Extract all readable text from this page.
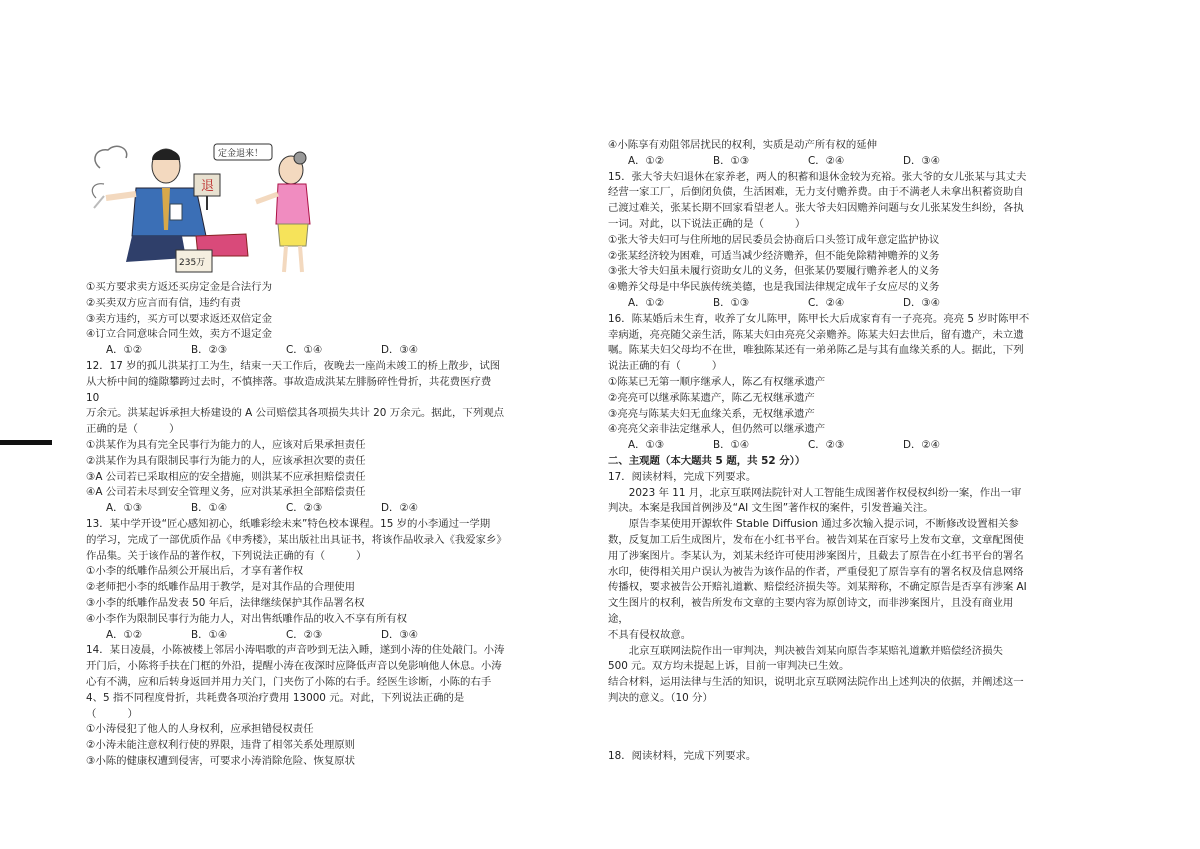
退
235万
定金退来！

①买方要求卖方返还买房定金是合法行为

②买卖双方应言而有信，违约有责

③卖方违约，买方可以要求返还双倍定金

④订立合同意味合同生效，卖方不退定金

A．①②	B．②③	C．①④	D．③④

12．17 岁的孤儿洪某打工为生，结束一天工作后，夜晚去一座尚未竣工的桥上散步，试图

从大桥中间的缝隙攀跨过去时，不慎摔落。事故造成洪某左腓肠碎性骨折，共花费医疗费 10

万余元。洪某起诉承担大桥建设的 A 公司赔偿其各项损失共计 20 万余元。据此，下列观点

正确的是（　　　）

①洪某作为具有完全民事行为能力的人，应该对后果承担责任

②洪某作为具有限制民事行为能力的人，应该承担次要的责任

③A 公司若已采取相应的安全措施，则洪某不应承担赔偿责任

④A 公司若未尽到安全管理义务，应对洪某承担全部赔偿责任

A．①③	B．①④	C．②③	D．②④

13．某中学开设“匠心感知初心，纸雕彩绘未来”特色校本课程。15 岁的小李通过一学期

的学习，完成了一部优质作品《申秀楼》，某出版社出具证书，将该作品收录入《我爱家乡》

作品集。关于该作品的著作权，下列说法正确的有（　　　）

①小李的纸雕作品须公开展出后，才享有著作权

②老师把小李的纸雕作品用于教学，是对其作品的合理使用

③小李的纸雕作品发表 50 年后，法律继续保护其作品署名权

④小李作为限制民事行为能力人，对出售纸雕作品的收入不享有所有权

A．①②	B．①④	C．②③	D．③④

14．某日凌晨，小陈被楼上邻居小涛唱歌的声音吵到无法入睡，遂到小涛的住处敲门。小涛

开门后，小陈将手扶在门框的外沿，提醒小涛在夜深时应降低声音以免影响他人休息。小涛

心有不满，应和后转身返回并用力关门，门夹伤了小陈的右手。经医生诊断，小陈的右手

4、5 指不同程度骨折，共耗费各项治疗费用 13000 元。对此，下列说法正确的是（　　　）

①小涛侵犯了他人的人身权利，应承担错侵权责任

②小涛未能注意权利行使的界限，违背了相邻关系处理原则

③小陈的健康权遭到侵害，可要求小涛消除危险、恢复原状

④小陈享有劝阻邻居扰民的权利，实质是动产所有权的延伸

A．①②	B．①③	C．②④	D．③④

15．张大爷夫妇退休在家养老，两人的积蓄和退休金较为充裕。张大爷的女儿张某与其丈夫

经营一家工厂，后倒闭负债，生活困难，无力支付赡养费。由于不满老人未拿出积蓄资助自

己渡过难关，张某长期不回家看望老人。张大爷夫妇因赡养问题与女儿张某发生纠纷，各执

一词。对此，以下说法正确的是（　　　）

①张大爷夫妇可与住所地的居民委员会协商后口头签订成年意定监护协议

②张某经济较为困难，可适当减少经济赡养，但不能免除精神赡养的义务

③张大爷夫妇虽未履行资助女儿的义务，但张某仍要履行赡养老人的义务

④赡养父母是中华民族传统美德，也是我国法律规定成年子女应尽的义务

A．①②	B．①③	C．②④	D．③④

16．陈某婚后未生育，收养了女儿陈甲，陈甲长大后成家育有一子亮亮。亮亮 5 岁时陈甲不

幸病逝，亮亮随父亲生活，陈某夫妇由亮亮父亲赡养。陈某夫妇去世后，留有遗产，未立遗

嘱。陈某夫妇父母均不在世，唯独陈某还有一弟弟陈乙是与其有血缘关系的人。据此，下列

说法正确的有（　　　）

①陈某已无第一顺序继承人，陈乙有权继承遗产

②亮亮可以继承陈某遗产，陈乙无权继承遗产

③亮亮与陈某夫妇无血缘关系，无权继承遗产

④亮亮父亲非法定继承人，但仍然可以继承遗产

A．①③	B．①④	C．②③	D．②④

二、主观题（本大题共 5 题，共 52 分））

17．阅读材料，完成下列要求。

2023 年 11 月，北京互联网法院针对人工智能生成图著作权侵权纠纷一案，作出一审

判决。本案是我国首例涉及“AI 文生图”著作权的案件，引发普遍关注。

原告李某使用开源软件 Stable Diffusion 通过多次输入提示词，不断修改设置相关参

数，反复加工后生成图片，发布在小红书平台。被告刘某在百家号上发布文章，文章配图使

用了涉案图片。李某认为，刘某未经许可使用涉案图片，且截去了原告在小红书平台的署名

水印，使得相关用户误认为被告为该作品的作者，严重侵犯了原告享有的署名权及信息网络

传播权，要求被告公开赔礼道歉、赔偿经济损失等。刘某辩称，不确定原告是否享有涉案 AI

文生图片的权利，被告所发布文章的主要内容为原创诗文，而非涉案图片，且没有商业用途，

不具有侵权故意。

北京互联网法院作出一审判决，判决被告刘某向原告李某赔礼道歉并赔偿经济损失

500 元。双方均未提起上诉，目前一审判决已生效。

结合材料，运用法律与生活的知识，说明北京互联网法院作出上述判决的依据，并阐述这一

判决的意义。（10 分）

18．阅读材料，完成下列要求。
